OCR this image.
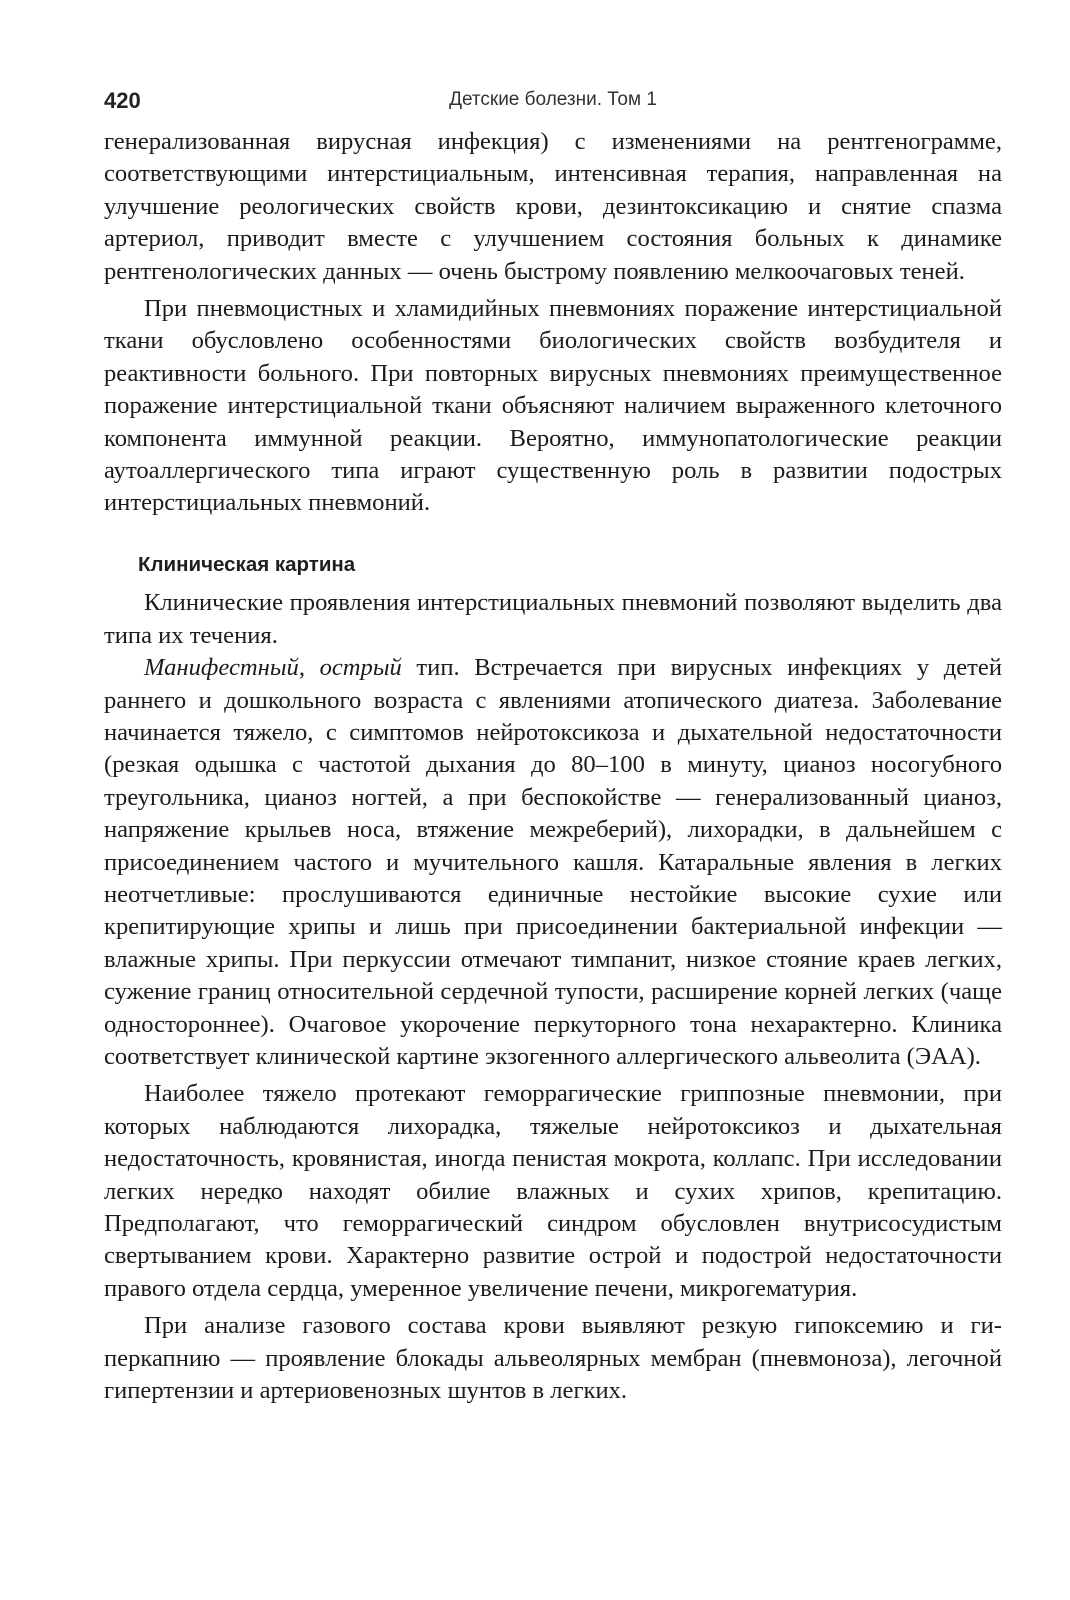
420	Детские болезни. Том 1

генерализованная вирусная инфекция) с изменениями на рентгенограмме, соответствующими интерстициальным, интенсивная терапия, направленная на улучшение реологических свойств крови, дезинтоксикацию и снятие спазма артериол, приводит вместе с улучшением состояния больных к динамике рентгенологических данных — очень быстрому появлению мелкоочаговых теней.

При пневмоцистных и хламидийных пневмониях поражение интерстициальной ткани обусловлено особенностями биологических свойств возбудителя и реактивности больного. При повторных вирусных пневмониях преимущественное поражение интерстициальной ткани объясняют наличием выраженного клеточного компонента иммунной реакции. Вероятно, иммунопатологические реакции аутоаллергического типа играют существенную роль в развитии подострых интерстициальных пневмоний.

Клиническая картина

Клинические проявления интерстициальных пневмоний позволяют выделить два типа их течения.

Манифестный, острый тип. Встречается при вирусных инфекциях у детей раннего и дошкольного возраста с явлениями атопического диатеза. Заболевание начинается тяжело, с симптомов нейротоксикоза и дыхательной недостаточности (резкая одышка с частотой дыхания до 80–100 в минуту, цианоз носогубного треугольника, цианоз ногтей, а при беспокойстве — генерализованный цианоз, напряжение крыльев носа, втяжение межреберий), лихорадки, в дальнейшем с присоединением частого и мучительного кашля. Катаральные явления в легких неотчетливые: прослушиваются единичные нестойкие высокие сухие или крепитирующие хрипы и лишь при присоединении бактериальной инфекции — влажные хрипы. При перкуссии отмечают тимпанит, низкое стояние краев легких, сужение границ относительной сердечной тупости, расширение корней легких (чаще одностороннее). Очаговое укорочение перкуторного тона нехарактерно. Клиника соответствует клинической картине экзогенного аллергического альвеолита (ЭАА).

Наиболее тяжело протекают геморрагические гриппозные пневмонии, при которых наблюдаются лихорадка, тяжелые нейротоксикоз и дыхательная недостаточность, кровянистая, иногда пенистая мокрота, коллапс. При исследовании легких нередко находят обилие влажных и сухих хрипов, крепитацию. Предполагают, что геморрагический синдром обусловлен внутрисосудистым свертыванием крови. Характерно развитие острой и подострой недостаточности правого отдела сердца, умеренное увеличение печени, микрогематурия.

При анализе газового состава крови выявляют резкую гипоксемию и гиперкапнию — проявление блокады альвеолярных мембран (пневмоноза), легочной гипертензии и артериовенозных шунтов в легких.
